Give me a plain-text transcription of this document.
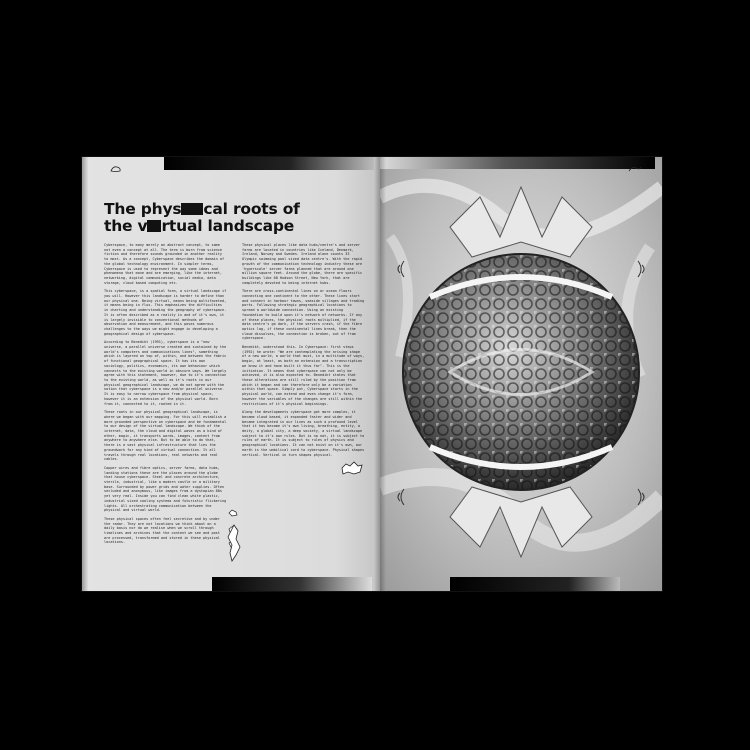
The phys cal roots of
the v rtual landscape

Cyberspace, to many merely an abstract concept, to some not even a concept at all. The term is born from science fiction and therefore sounds grounded in another reality to most. As a concept, Cyberspace describes the domain of the global technology environment. In simpler terms, Cyberspace is used to represent the way some ideas and phenomena that move and are emerging, like the internet, networking, digital communication, social media, data storage, cloud based computing etc.

This cyberspace, is a spatial form, a virtual landscape if you will. However this landscape is harder to define than our physical one. Being virtual, means being multifaceted, it means being in flux. This emphasizes the difficulties in charting and understanding the geography of cyberspace. It is often described as a reality in and of it's own, it is largely invisible to conventional methods of observation and measurement, and this poses numerous challenges to the ways we might engage in developing a geographical design of cyberspace.

According to Benedikt (1991), cyberspace is a "new universe, a parallel universe created and sustained by the world's computers and communications lines", something which is layered on top of, within, and between the fabric of functional geographical space. It has its own sociology, politics, economics, its own behaviour which connects to the existing world in obscure ways. We largely agree with this statement, however, due to it's connection to the existing world, as well as it's roots in our physical geographical landscape, we do not agree with the notion that cyberspace is a new and/or parallel universe. It is easy to narrow cyberspace from physical space, however it is an extension of the physical world. Born from it, connected to it, rooted in it.

These roots in our physical geographical landscape, is where we began with our mapping. For this will establish a more grounded perspective on cyberspace and be fundamental to our design of the virtual landscape. We think of the internet, data, the cloud and digital waves as a kind of ether, magic, it transports words, images, content from anywhere to anywhere else. But to be able to do that, there is a vast physical infrastructure that lies the groundwork for any kind of virtual connection. It all travels through real locations, real networks and real cables.

Copper wires and fibre optics, server farms, data hubs, landing stations these are the places around the globe that house cyberspace. Steel and concrete architecture, sterile, industrial, like a modern castle or a military base. Surrounded by power grids and water supplies. Often secluded and anonymous, like images from a dystopian 80s yet very real. Inside you can find clean white plastic, industrial sized cooling systems and futuristic flickering lights. All orchestrating communication between the physical and virtual world.

These physical spaces often feel secretive and by under the radar. They are not locations we think about on a daily basis nor do we realise when we scroll through timelines and archives that the content we see and post are processed, transformed and stored in these physical locations.

These physical places like data hubs/centre's and server farms are located in countries like Iceland, Denmark, Ireland, Norway and Sweden. Ireland alone counts 33 Olympic swimming pool sized data centre's. With the rapid growth of the communication technology industry these are 'hyperscale' server farms planned that are around one million square feet. Around the globe, there are specific buildings like 60 Hudson Street, New York, that are completely devoted to being internet hubs.

There are cross-continental lines on or ocean floors connecting one continent to the other. These lines start and connect in harbour towns, seaside villages and trading ports. Following strategic geographical locations to spread a worldwide connection. Using an existing foundation to build upon it's network of networks. If any of these places, the physical roots multiplied, if the data centre's go dark, if the servers crash, if the fibre optics lag, if these continental lines break, then the cloud dissolves, the connection is broken, out of from cyberspace.

Benedikt, understood this. In Cyberspace: first steps (1992) he wrote: "We are contemplating the arising shape of a new world, a world that must, in a multitude of ways, begin, at least, as both an extension and a transcription we know it and have built it thus far". This is the initiation. It means that cyberspace can not only be achieved, it is also expected to. Benedikt states that these alterations are still ruled by the position from which it began and can therefore only be a variation within that space. Simply put, Cyberspace starts in the physical world, can extend and even change it's form, however the variables of the changes are still within the restrictions of it's physical beginnings.

Along the developments cyberspace got more complex, it became cloud based, it expanded faster and wider and became integrated in our lives as such a profound level that it has become it's own living, breathing, entity, a deity, a global city, a deep society, a virtual landscape subject to it's own rules. But is no not, it is subject to rules of earth. It is subject to rules of physics and geographical locations. It can not exist on it's own, our earth is the umbilical cord to cyberspace. Physical shapes vertical. Vertical in turn shapes physical.
